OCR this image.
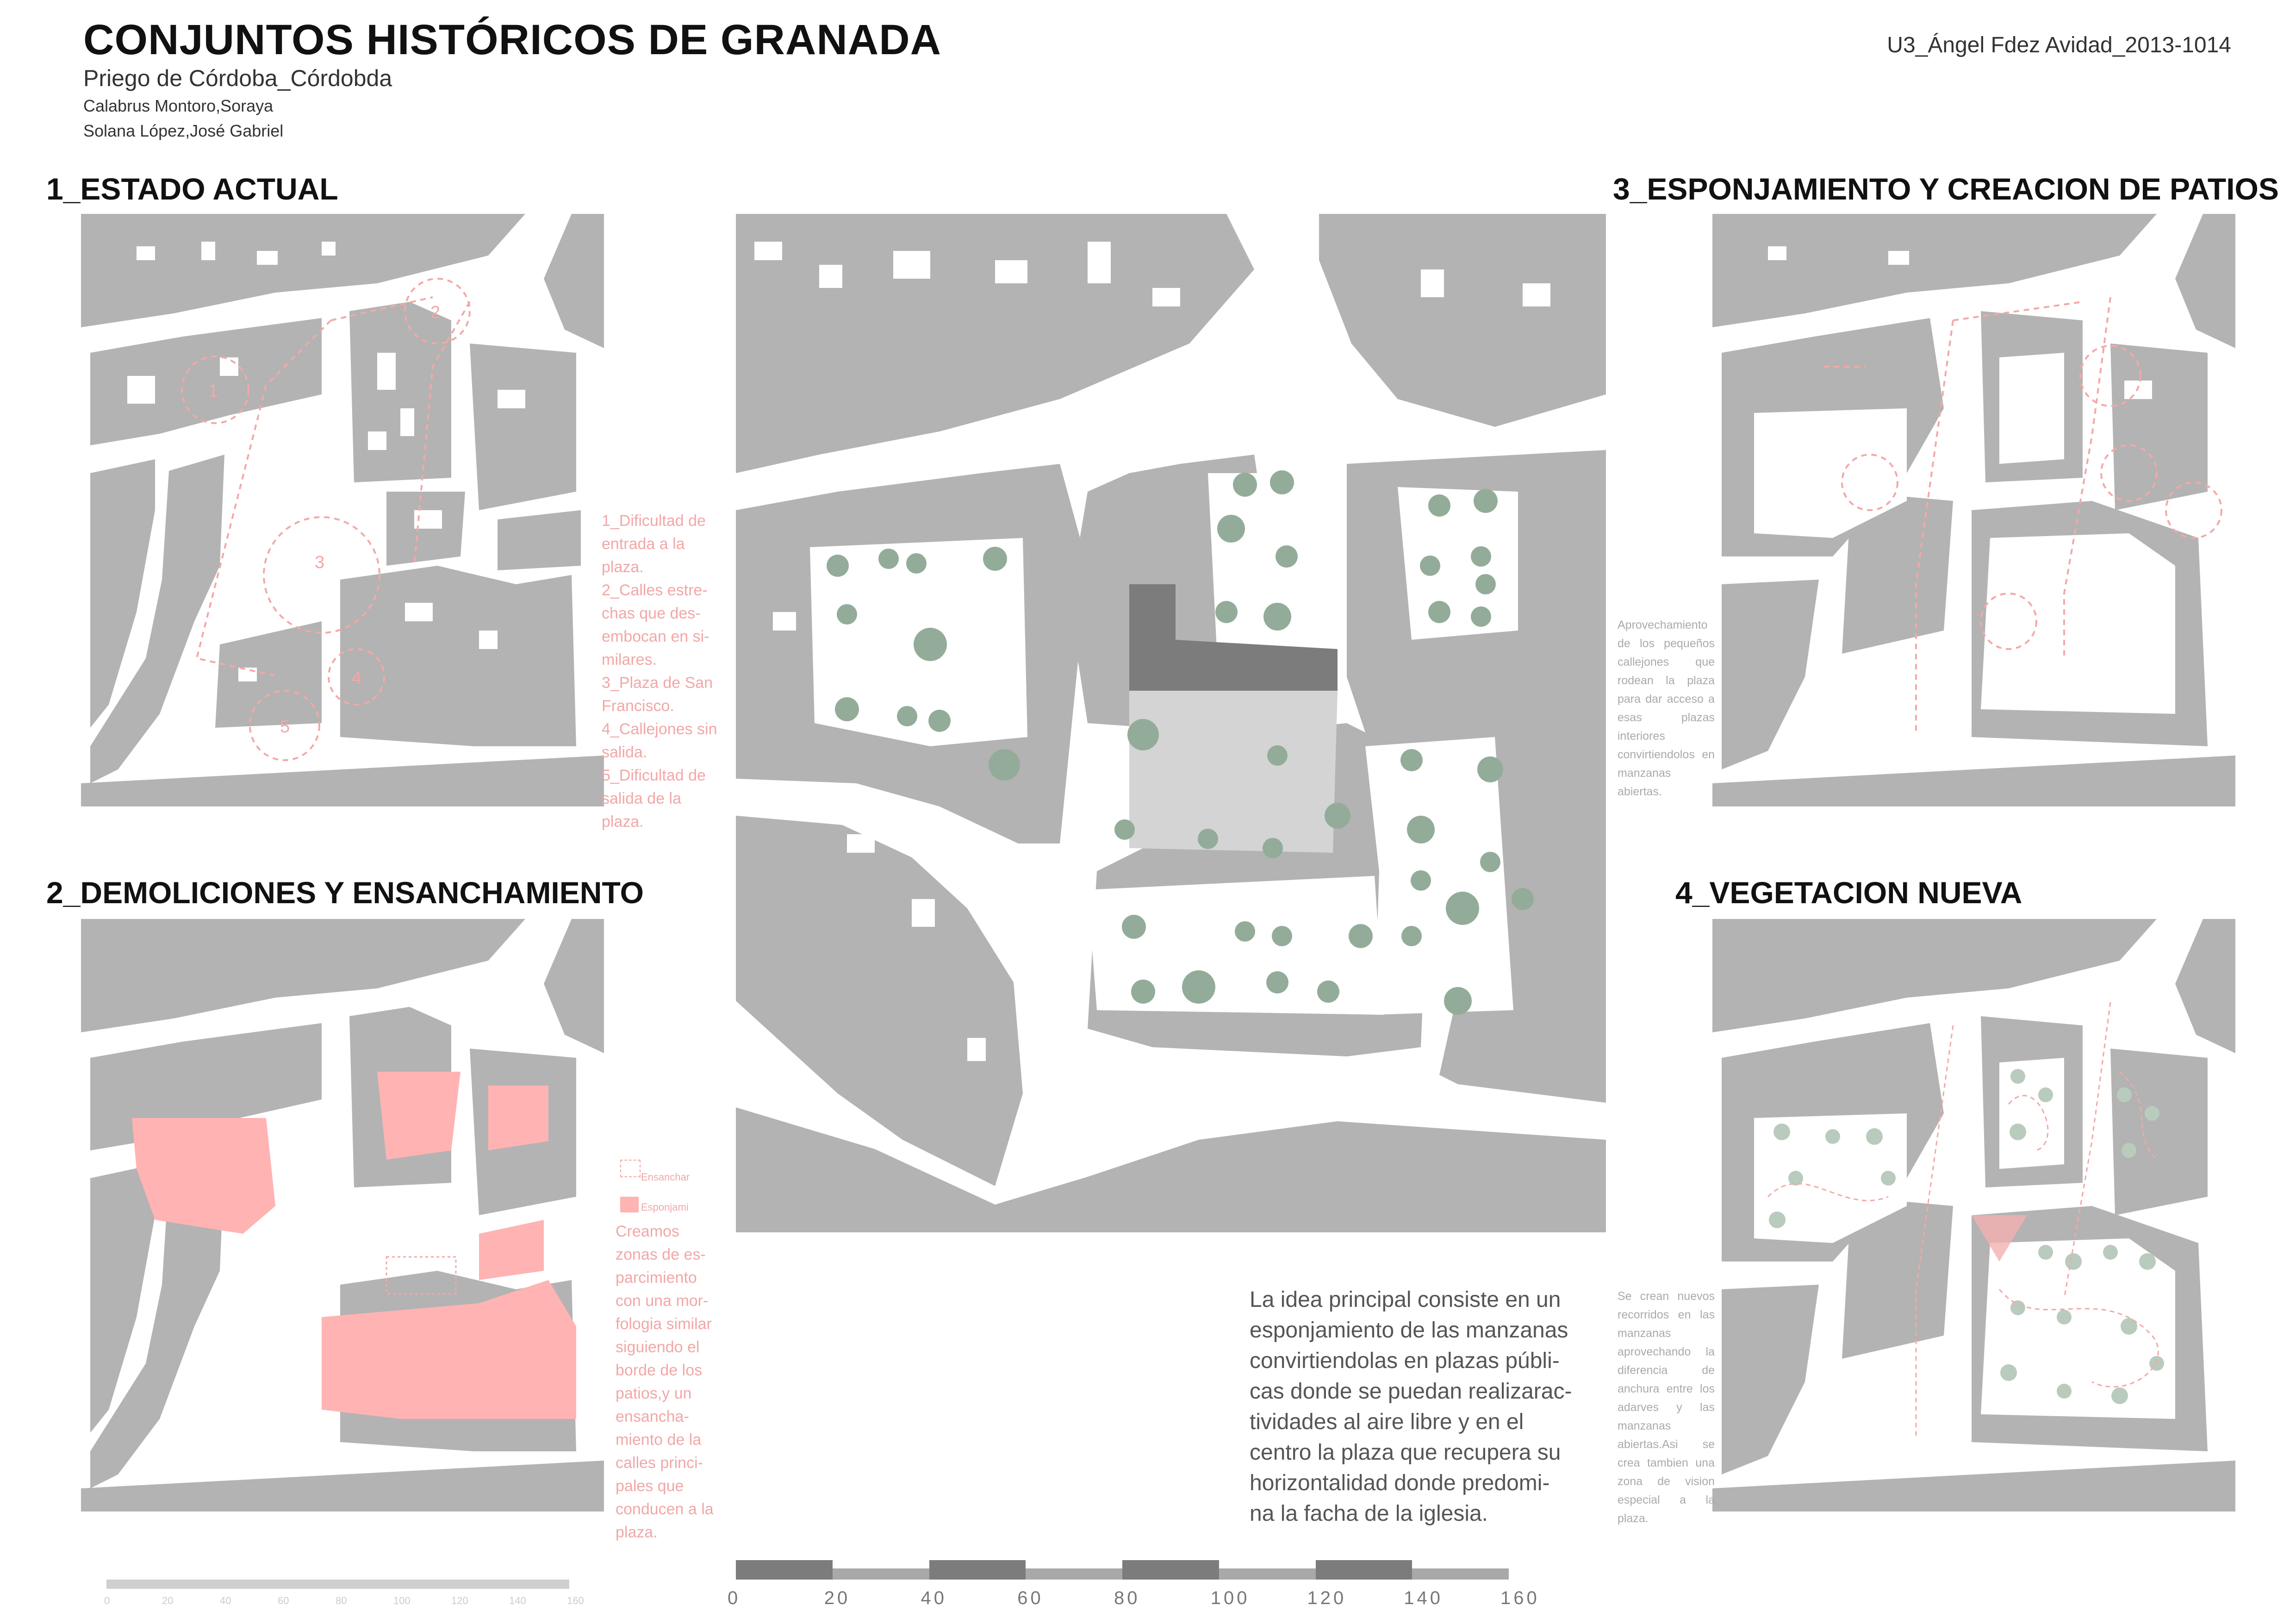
CONJUNTOS HISTÓRICOS DE GRANADA
Priego de Córdoba_Córdobda
Calabrus Montoro,Soraya
Solana López,José Gabriel
U3_Ángel Fdez Avidad_2013-1014
1_ESTADO ACTUAL
2_DEMOLICIONES Y ENSANCHAMIENTO
3_ESPONJAMIENTO Y CREACION DE PATIOS
4_VEGETACION NUEVA
1
2
3
4
5
1_Dificultad de
entrada a la
plaza.
2_Calles estre-
chas que des-
embocan en si-
milares.
3_Plaza de San
Francisco.
4_Callejones sin
salida.
5_Dificultad de
salida de la
plaza.
Ensanchar
Esponjami
Creamos
zonas de es-
parcimiento
con una mor-
fologia similar
siguiendo el
borde de los
patios,y un
ensancha-
miento de la
calles princi-
pales que
conducen a la
plaza.
0	20	40	60	80	100	120	140	160	0	20	40	60	80	100	120	140	160
Aprovechamiento de los pequeños callejones que rodean la plaza para dar acceso a esas plazas interiores convirtiendolos en manzanas abiertas.
Se crean nuevos recorridos en las manzanas aprovechando la diferencia de anchura entre los adarves y las manzanas abiertas.Asi se crea tambien una zona de vision especial a la plaza.
La idea principal consiste en un
esponjamiento de las manzanas
convirtiendolas en plazas públi-
cas donde se puedan realizarac-
tividades al aire libre y en el
centro la plaza que recupera su
horizontalidad donde predomi-
na la facha de la iglesia.
